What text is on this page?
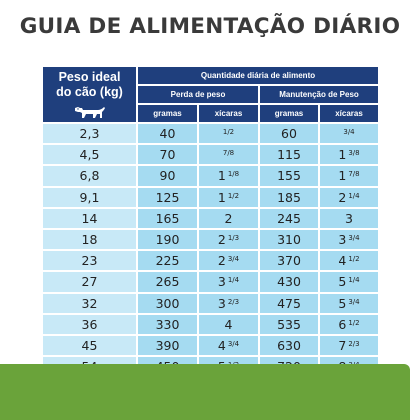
GUIA DE ALIMENTAÇÃO DIÁRIO
Peso ideal
do cão (kg)	Quantidade diária de alimento			
	Perda de peso		Manutenção de Peso	
	gramas	xícaras	gramas	xícaras
2,3	40	$^{1/2}$	60	$^{3/4}$
4,5	70	$^{7/8}$	115	1 $^{3/8}$
6,8	90	1 $^{1/8}$	155	1 $^{7/8}$
9,1	125	1 $^{1/2}$	185	2 $^{1/4}$
14	165	2	245	3
18	190	2 $^{1/3}$	310	3 $^{3/4}$
23	225	2 $^{3/4}$	370	4 $^{1/2}$
27	265	3 $^{1/4}$	430	5 $^{1/4}$
32	300	3 $^{2/3}$	475	5 $^{3/4}$
36	330	4	535	6 $^{1/2}$
45	390	4 $^{3/4}$	630	7 $^{2/3}$
